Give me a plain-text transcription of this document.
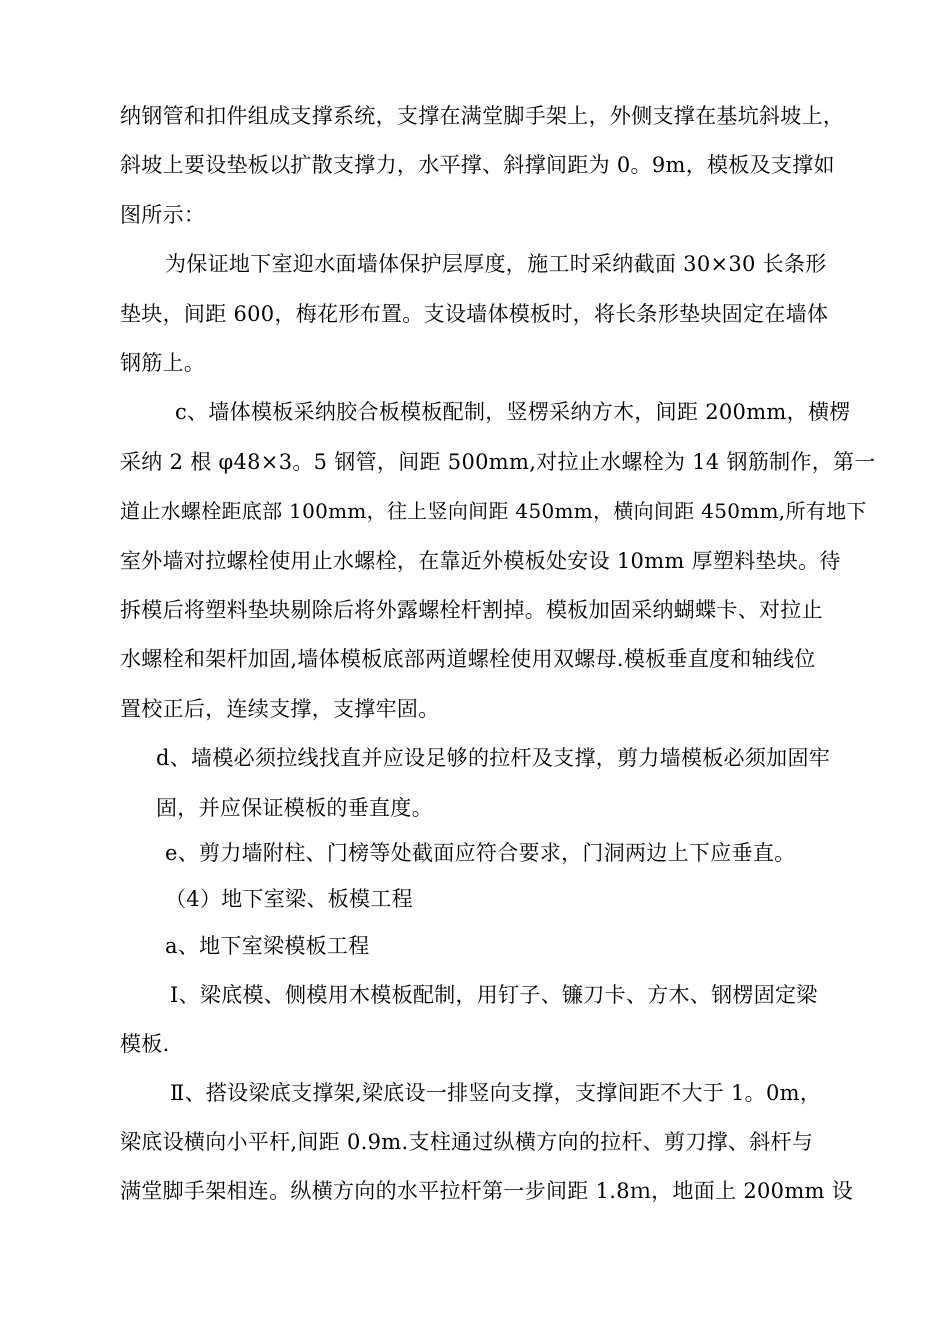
纳钢管和扣件组成支撑系统，支撑在满堂脚手架上，外侧支撑在基坑斜坡上，
斜坡上要设垫板以扩散支撑力，水平撑、斜撑间距为 0。9m，模板及支撑如
图所示：
为保证地下室迎水面墙体保护层厚度，施工时采纳截面 30×30 长条形
垫块，间距 600，梅花形布置。支设墙体模板时，将长条形垫块固定在墙体
钢筋上。
c、墙体模板采纳胶合板模板配制，竖楞采纳方木，间距 200mm，横楞
采纳 2 根 φ48×3。5 钢管，间距 500mm,对拉止水螺栓为 14 钢筋制作，第一
道止水螺栓距底部 100mm，往上竖向间距 450mm，横向间距 450mm,所有地下
室外墙对拉螺栓使用止水螺栓，在靠近外模板处安设 10mm 厚塑料垫块。待
拆模后将塑料垫块剔除后将外露螺栓杆割掉。模板加固采纳蝴蝶卡、对拉止
水螺栓和架杆加固,墙体模板底部两道螺栓使用双螺母.模板垂直度和轴线位
置校正后，连续支撑，支撑牢固。
d、墙模必须拉线找直并应设足够的拉杆及支撑，剪力墙模板必须加固牢
固，并应保证模板的垂直度。
e、剪力墙附柱、门榜等处截面应符合要求，门洞两边上下应垂直。
（4）地下室梁、板模工程
a、地下室梁模板工程
Ⅰ、梁底模、侧模用木模板配制，用钉子、镰刀卡、方木、钢楞固定梁
模板.
Ⅱ、搭设梁底支撑架,梁底设一排竖向支撑，支撑间距不大于 1。0m，
梁底设横向小平杆,间距 0.9m.支柱通过纵横方向的拉杆、剪刀撑、斜杆与
满堂脚手架相连。纵横方向的水平拉杆第一步间距 1.8ｍ，地面上 200mm 设
